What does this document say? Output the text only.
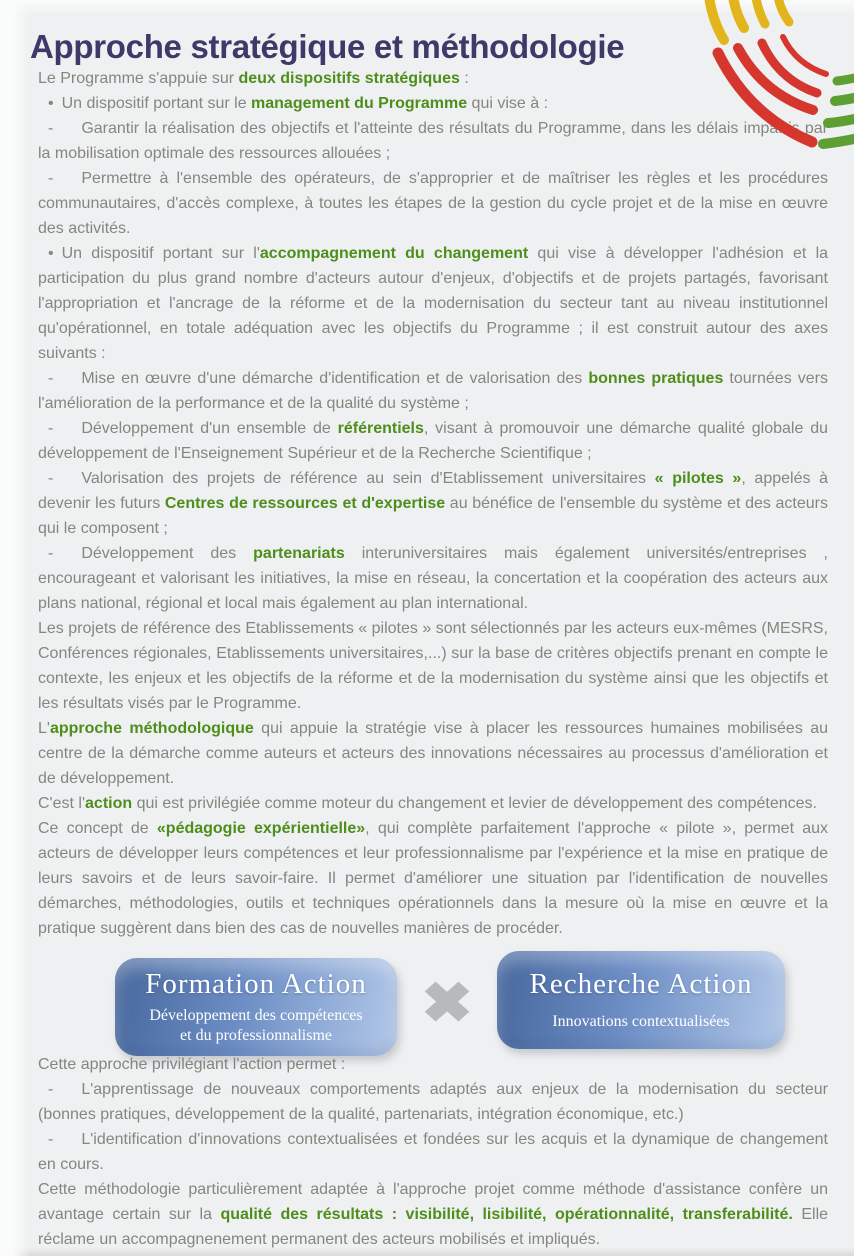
Approche stratégique et méthodologie

Le Programme s'appuie sur deux dispositifs stratégiques :

• Un dispositif portant sur le management du Programme qui vise à :

- Garantir la réalisation des objectifs et l'atteinte des résultats du Programme, dans les délais impartis par la mobilisation optimale des ressources allouées ;

- Permettre à l'ensemble des opérateurs, de s'approprier et de maîtriser les règles et les procédures communautaires, d'accès complexe, à toutes les étapes de la gestion du cycle projet et de la mise en œuvre des activités.

• Un dispositif portant sur l'accompagnement du changement qui vise à développer l'adhésion et la participation du plus grand nombre d'acteurs autour d'enjeux, d'objectifs et de projets partagés, favorisant l'appropriation et l'ancrage de la réforme et de la modernisation du secteur tant au niveau institutionnel qu'opérationnel, en totale adéquation avec les objectifs du Programme ; il est construit autour des axes suivants :

- Mise en œuvre d'une démarche d'identification et de valorisation des bonnes pratiques tournées vers l'amélioration de la performance et de la qualité du système ;

- Développement d'un ensemble de référentiels, visant à promouvoir une démarche qualité globale du développement de l'Enseignement Supérieur et de la Recherche Scientifique ;

- Valorisation des projets de référence au sein d'Etablissement universitaires « pilotes », appelés à devenir les futurs Centres de ressources et d'expertise au bénéfice de l'ensemble du système et des acteurs qui le composent ;

- Développement des partenariats interuniversitaires mais également universités/entreprises , encourageant et valorisant les initiatives, la mise en réseau, la concertation et la coopération des acteurs aux plans national, régional et local mais également au plan international.

Les projets de référence des Etablissements « pilotes » sont sélectionnés par les acteurs eux-mêmes (MESRS, Conférences régionales, Etablissements universitaires,...) sur la base de critères objectifs prenant en compte le contexte, les enjeux et les objectifs de la réforme et de la modernisation du système ainsi que les objectifs et les résultats visés par le Programme.

L'approche méthodologique qui appuie la stratégie vise à placer les ressources humaines mobilisées au centre de la démarche comme auteurs et acteurs des innovations nécessaires au processus d'amélioration et de développement.

C'est l'action qui est privilégiée comme moteur du changement et levier de développement des compétences.

Ce concept de «pédagogie expérientielle», qui complète parfaitement l'approche « pilote », permet aux acteurs de développer leurs compétences et leur professionnalisme par l'expérience et la mise en pratique de leurs savoirs et de leurs savoir-faire. Il permet d'améliorer une situation par l'identification de nouvelles démarches, méthodologies, outils et techniques opérationnels dans la mesure où la mise en œuvre et la pratique suggèrent dans bien des cas de nouvelles manières de procéder.

Formation Action
Développement des compétences
et du professionnalisme
✖	Recherche Action
Innovations contextualisées

Cette approche privilégiant l'action permet :

- L'apprentissage de nouveaux comportements adaptés aux enjeux de la modernisation du secteur (bonnes pratiques, développement de la qualité, partenariats, intégration économique, etc.)

- L'identification d'innovations contextualisées et fondées sur les acquis et la dynamique de changement en cours.

Cette méthodologie particulièrement adaptée à l'approche projet comme méthode d'assistance confère un avantage certain sur la qualité des résultats : visibilité, lisibilité, opérationnalité, transferabilité. Elle réclame un accompagnenement permanent des acteurs mobilisés et impliqués.
